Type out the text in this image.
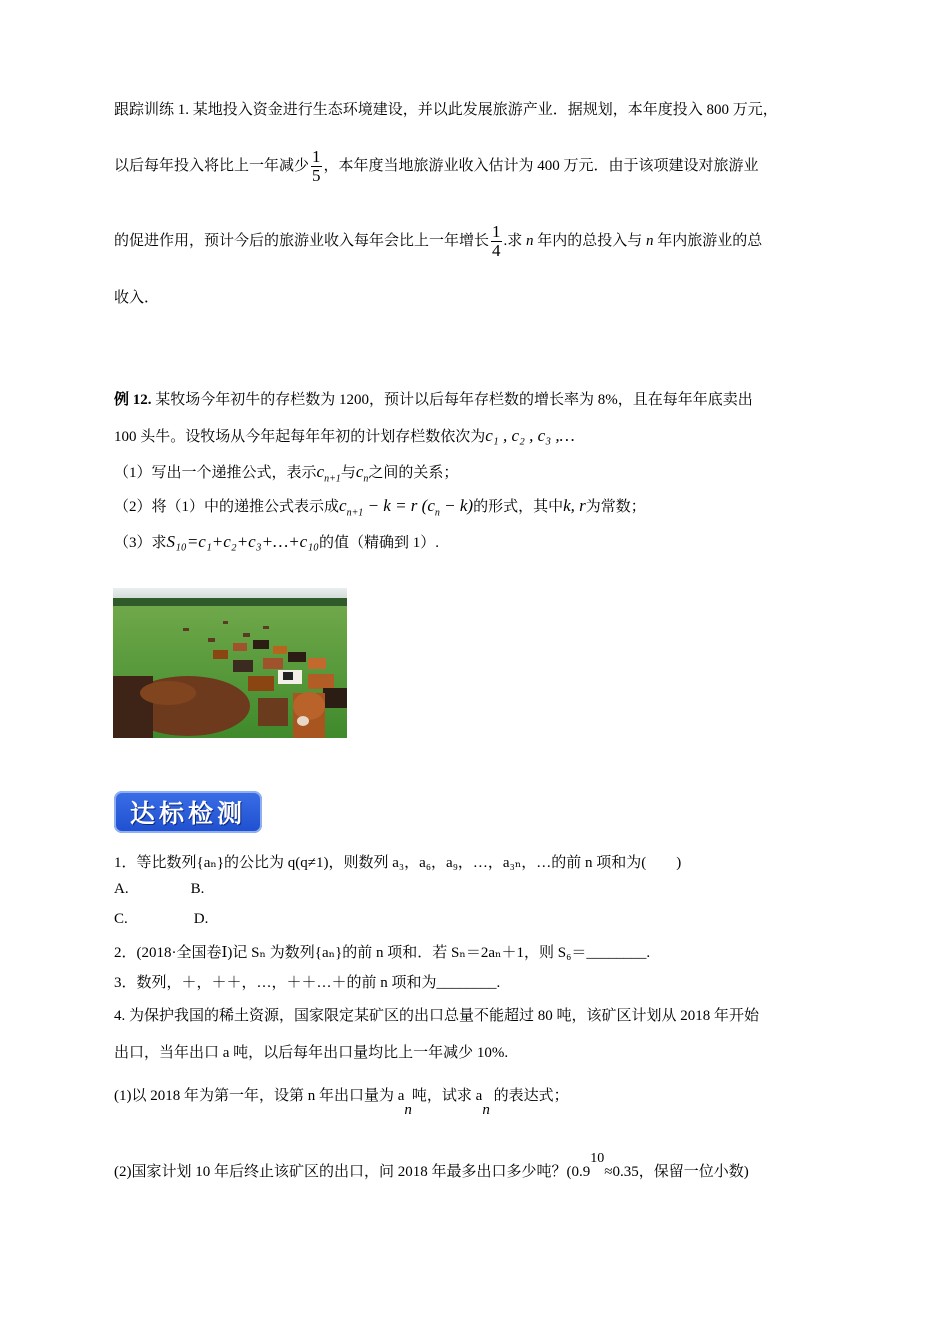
跟踪训练 1. 某地投入资金进行生态环境建设，并以此发展旅游产业．据规划，本年度投入 800 万元，
以后每年投入将比上一年减少 $\frac{1}{5}$ ，本年度当地旅游业收入估计为 400 万元．由于该项建设对旅游业
的促进作用，预计今后的旅游业收入每年会比上一年增长 $\frac{1}{4}$ .求 n 年内的总投入与 n 年内旅游业的总
收入．
例 12. 某牧场今年初牛的存栏数为 1200，预计以后每年存栏数的增长率为 8%，且在每年年底卖出
100 头牛。设牧场从今年起每年年初的计划存栏数依次为c₁ , c₂ , c₃ ,…
（1）写出一个递推公式，表示$c_{n+1}$与$c_n$之间的关系；
（2）将（1）中的递推公式表示成$c_{n+1} - k = r$ $(c_n - k)$的形式，其中k, r为常数；
（3）求S₁₀=c₁+c₂+c₃+…+c₁₀的值（精确到 1）.
达标检测
1．等比数列{aₙ}的公比为 q(q≠1)，则数列 a₃，a₆，a₉，…，a₃ₙ，…的前 n 项和为(　　)
A.	B.
C.	D.
2．(2018·全国卷Ⅰ)记 Sₙ 为数列{aₙ}的前 n 项和．若 Sₙ＝2aₙ＋1，则 S₆＝________.
3．数列，＋，＋＋，…，＋＋…＋的前 n 项和为________.
4. 为保护我国的稀土资源，国家限定某矿区的出口总量不能超过 80 吨，该矿区计划从 2018 年开始
出口，当年出口 a 吨，以后每年出口量均比上一年减少 10%.
(1)以 2018 年为第一年，设第 n 年出口量为 an吨，试求 an 的表达式；
(2)国家计划 10 年后终止该矿区的出口，问 2018 年最多出口多少吨？(0.910≈0.35，保留一位小数)
